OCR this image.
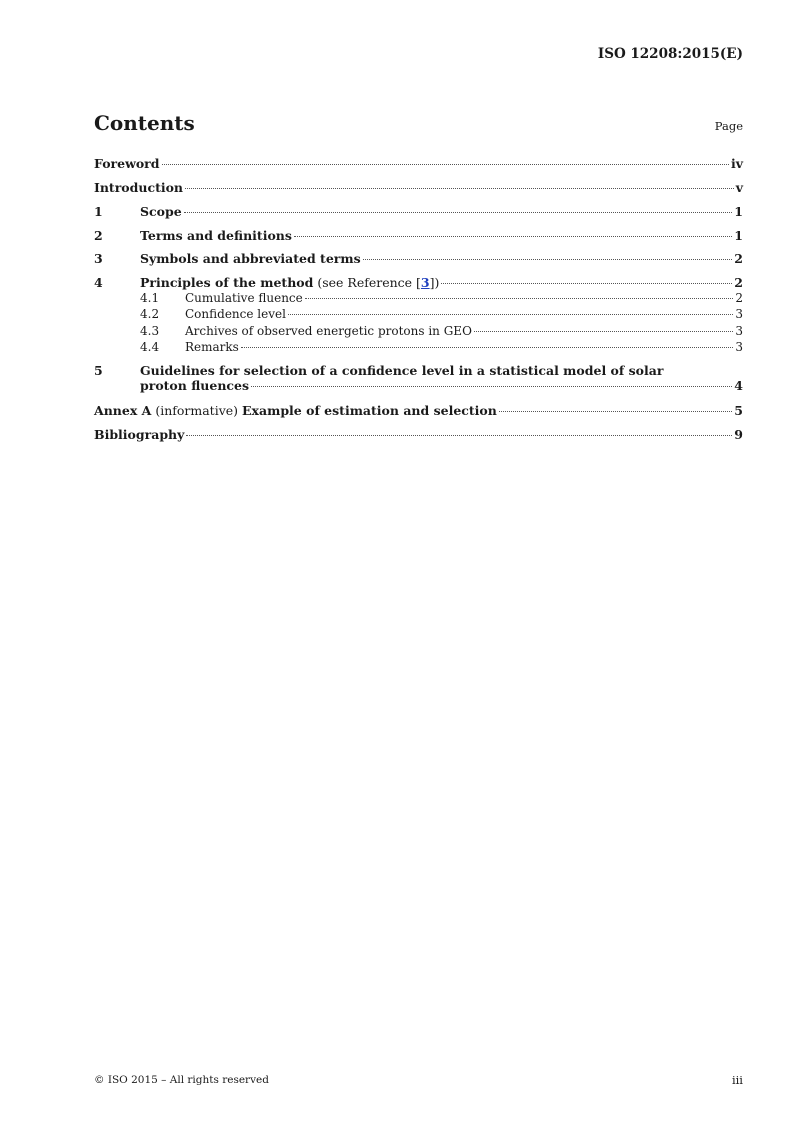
ISO 12208:2015(E)
Contents	Page
Foreword	iv
Introduction	v
1	Scope	1
2	Terms and definitions	1
3	Symbols and abbreviated terms	2
4	Principles of the method (see Reference [ 3 ])	2
4.1	Cumulative fluence	2
4.2	Confidence level	3
4.3	Archives of observed energetic protons in GEO	3
4.4	Remarks	3
5	Guidelines for selection of a confidence level in a statistical model of solar
proton fluences	4
Annex A (informative) Example of estimation and selection	5
Bibliography	9
© ISO 2015 – All rights reserved	iii
